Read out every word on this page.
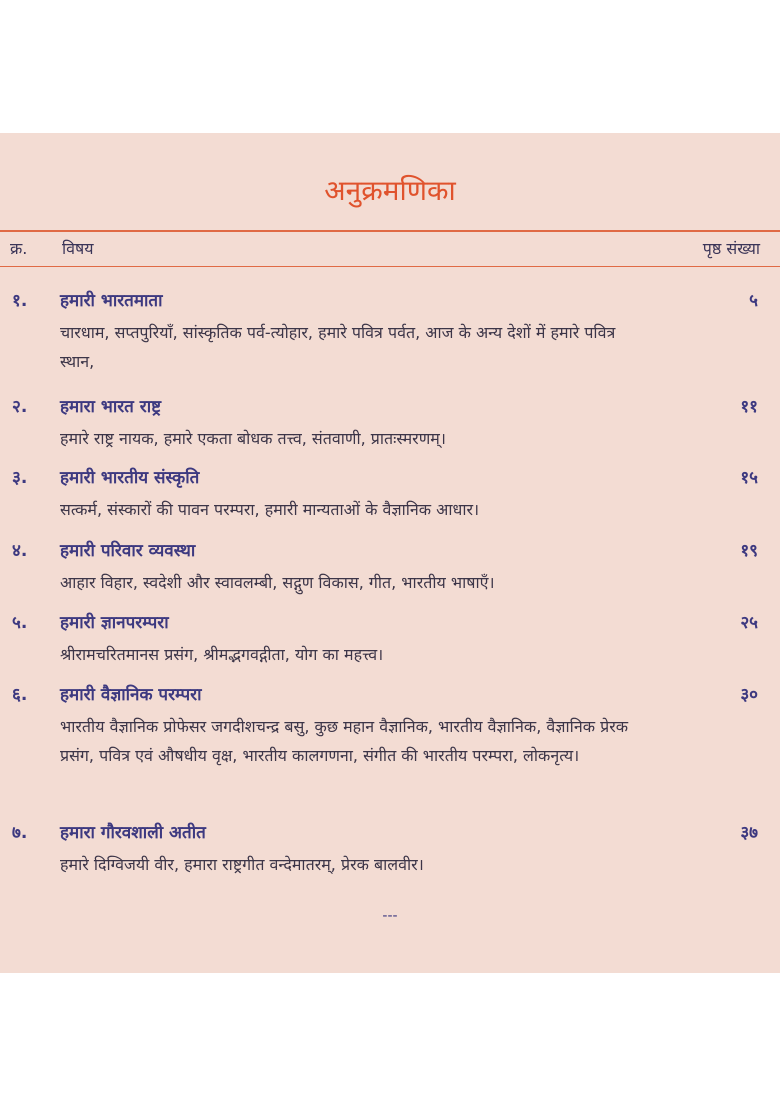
अनुक्रमणिका
क्र. विषय	पृष्ठ संख्या
१. हमारी भारतमाता	५
चारधाम, सप्तपुरियाँ, सांस्कृतिक पर्व-त्योहार, हमारे पवित्र पर्वत, आज के अन्य देशों में हमारे पवित्र स्थान,
२. हमारा भारत राष्ट्र	११
हमारे राष्ट्र नायक, हमारे एकता बोधक तत्त्व, संतवाणी, प्रातःस्मरणम्।
३. हमारी भारतीय संस्कृति	१५
सत्कर्म, संस्कारों की पावन परम्परा, हमारी मान्यताओं के वैज्ञानिक आधार।
४. हमारी परिवार व्यवस्था	१९
आहार विहार, स्वदेशी और स्वावलम्बी, सद्गुण विकास, गीत, भारतीय भाषाएँ।
५. हमारी ज्ञानपरम्परा	२५
श्रीरामचरितमानस प्रसंग, श्रीमद्भगवद्गीता, योग का महत्त्व।
६. हमारी वैज्ञानिक परम्परा	३०
भारतीय वैज्ञानिक प्रोफेसर जगदीशचन्द्र बसु, कुछ महान वैज्ञानिक, भारतीय वैज्ञानिक, वैज्ञानिक प्रेरक प्रसंग, पवित्र एवं औषधीय वृक्ष, भारतीय कालगणना, संगीत की भारतीय परम्परा, लोकनृत्य।
७. हमारा गौरवशाली अतीत	३७
हमारे दिग्विजयी वीर, हमारा राष्ट्रगीत वन्देमातरम्, प्रेरक बालवीर।
---
